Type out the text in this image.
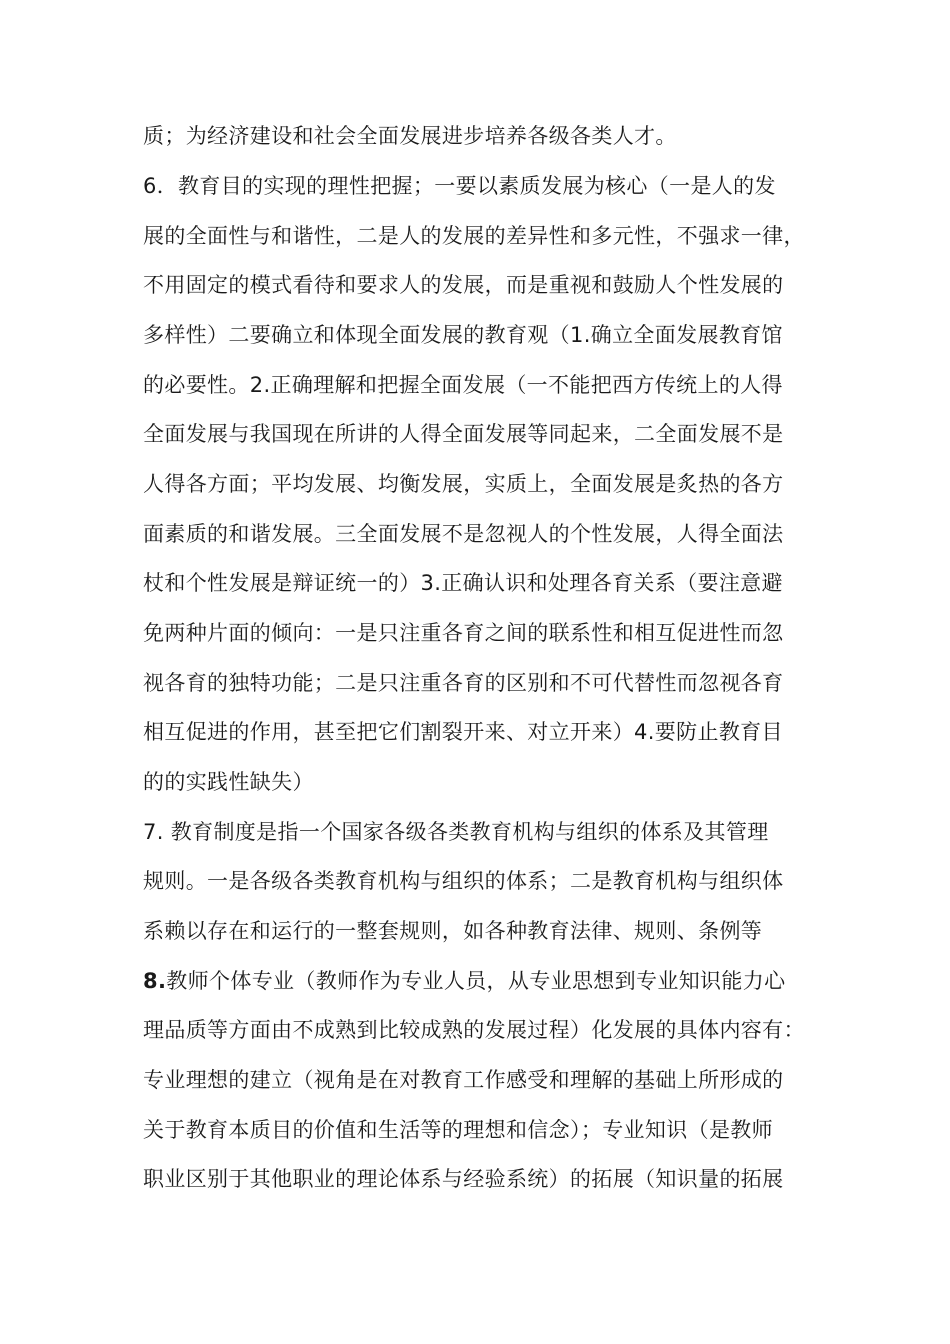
质；为经济建设和社会全面发展进步培养各级各类人才。
6．教育目的实现的理性把握；一要以素质发展为核心（一是人的发
展的全面性与和谐性，二是人的发展的差异性和多元性，不强求一律，
不用固定的模式看待和要求人的发展，而是重视和鼓励人个性发展的
多样性）二要确立和体现全面发展的教育观（1.确立全面发展教育馆
的必要性。2.正确理解和把握全面发展（一不能把西方传统上的人得
全面发展与我国现在所讲的人得全面发展等同起来，二全面发展不是
人得各方面；平均发展、均衡发展，实质上，全面发展是炙热的各方
面素质的和谐发展。三全面发展不是忽视人的个性发展，人得全面法
杖和个性发展是辩证统一的）3.正确认识和处理各育关系（要注意避
免两种片面的倾向：一是只注重各育之间的联系性和相互促进性而忽
视各育的独特功能；二是只注重各育的区别和不可代替性而忽视各育
相互促进的作用，甚至把它们割裂开来、对立开来）4.要防止教育目
的的实践性缺失）
7. 教育制度是指一个国家各级各类教育机构与组织的体系及其管理
规则。一是各级各类教育机构与组织的体系；二是教育机构与组织体
系赖以存在和运行的一整套规则，如各种教育法律、规则、条例等
8.教师个体专业（教师作为专业人员，从专业思想到专业知识能力心
理品质等方面由不成熟到比较成熟的发展过程）化发展的具体内容有：
专业理想的建立（视角是在对教育工作感受和理解的基础上所形成的
关于教育本质目的价值和生活等的理想和信念）；专业知识（是教师
职业区别于其他职业的理论体系与经验系统）的拓展（知识量的拓展
